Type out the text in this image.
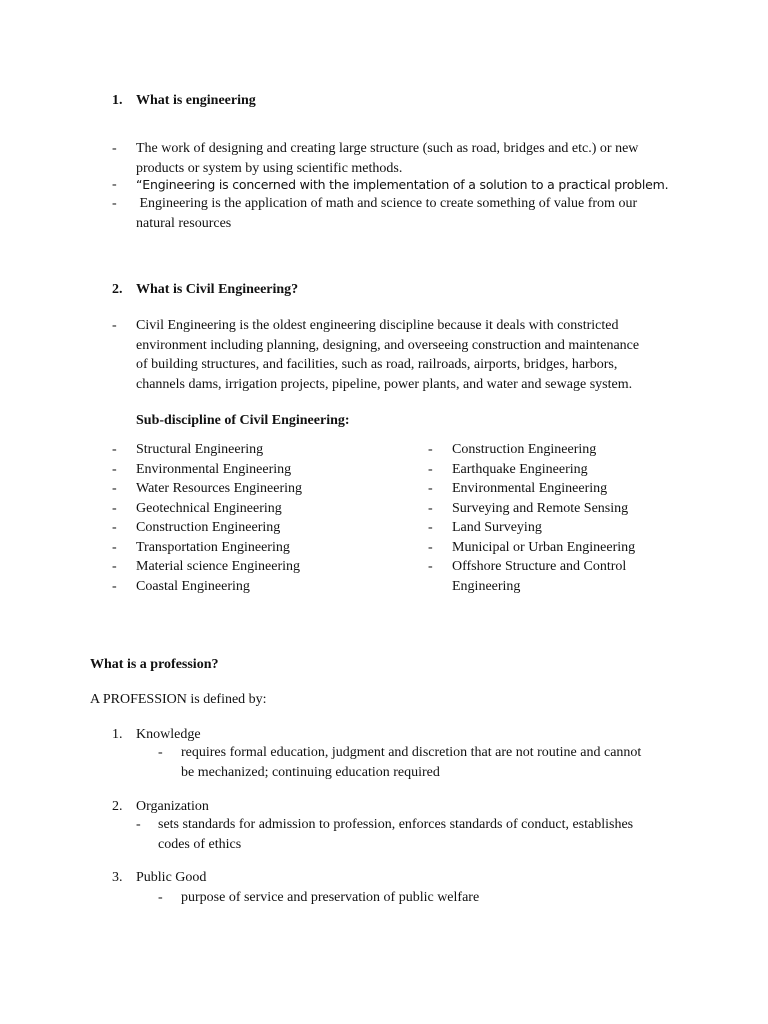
1. What is engineering
- The work of designing and creating large structure (such as road, bridges and etc.) or new
products or system by using scientific methods.
- “Engineering is concerned with the implementation of a solution to a practical problem.
- Engineering is the application of math and science to create something of value from our
natural resources
2. What is Civil Engineering?
- Civil Engineering is the oldest engineering discipline because it deals with constricted
environment including planning, designing, and overseeing construction and maintenance
of building structures, and facilities, such as road, railroads, airports, bridges, harbors,
channels dams, irrigation projects, pipeline, power plants, and water and sewage system.
Sub-discipline of Civil Engineering:
- Structural Engineering
- Environmental Engineering
- Water Resources Engineering
- Geotechnical Engineering
- Construction Engineering
- Transportation Engineering
- Material science Engineering
- Coastal Engineering
- Construction Engineering
- Earthquake Engineering
- Environmental Engineering
- Surveying and Remote Sensing
- Land Surveying
- Municipal or Urban Engineering
- Offshore Structure and Control
Engineering
What is a profession?
A PROFESSION is defined by:
1. Knowledge
- requires formal education, judgment and discretion that are not routine and cannot
be mechanized; continuing education required
2. Organization
- sets standards for admission to profession, enforces standards of conduct, establishes
codes of ethics
3. Public Good
- purpose of service and preservation of public welfare
